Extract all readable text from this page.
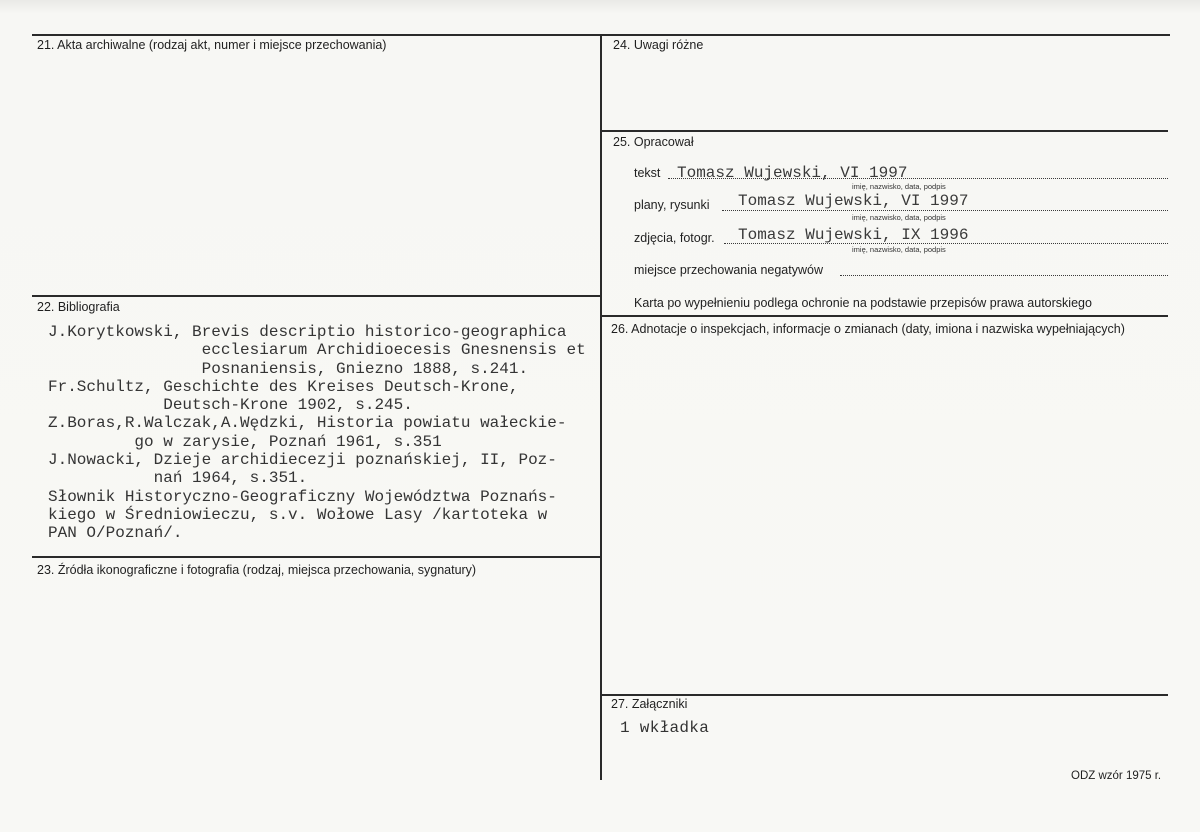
21. Akta archiwalne (rodzaj akt, numer i miejsce przechowania)
22. Bibliografia
J.Korytkowski, Brevis descriptio historico-geographica
ecclesiarum Archidioecesis Gnesnensis et
Posnaniensis, Gniezno 1888, s.241.
Fr.Schultz, Geschichte des Kreises Deutsch-Krone,
Deutsch-Krone 1902, s.245.
Z.Boras,R.Walczak,A.Wędzki, Historia powiatu wałeckie-
go w zarysie, Poznań 1961, s.351
J.Nowacki, Dzieje archidiecezji poznańskiej, II, Poz-
nań 1964, s.351.
Słownik Historyczno-Geograficzny Województwa Poznańs-
kiego w Średniowieczu, s.v. Wołowe Lasy /kartoteka w
PAN O/Poznań/.
23. Źródła ikonograficzne i fotografia (rodzaj, miejsca przechowania, sygnatury)
24. Uwagi różne
25. Opracował
tekst Tomasz Wujewski, VI 1997
imię, nazwisko, data, podpis
plany, rysunki Tomasz Wujewski, VI 1997
imię, nazwisko, data, podpis
zdjęcia, fotogr. Tomasz Wujewski, IX 1996
imię, nazwisko, data, podpis
miejsce przechowania negatywów
Karta po wypełnieniu podlega ochronie na podstawie przepisów prawa autorskiego
26. Adnotacje o inspekcjach, informacje o zmianach (daty, imiona i nazwiska wypełniających)
27. Załączniki
1 wkładka
ODZ wzór 1975 r.
